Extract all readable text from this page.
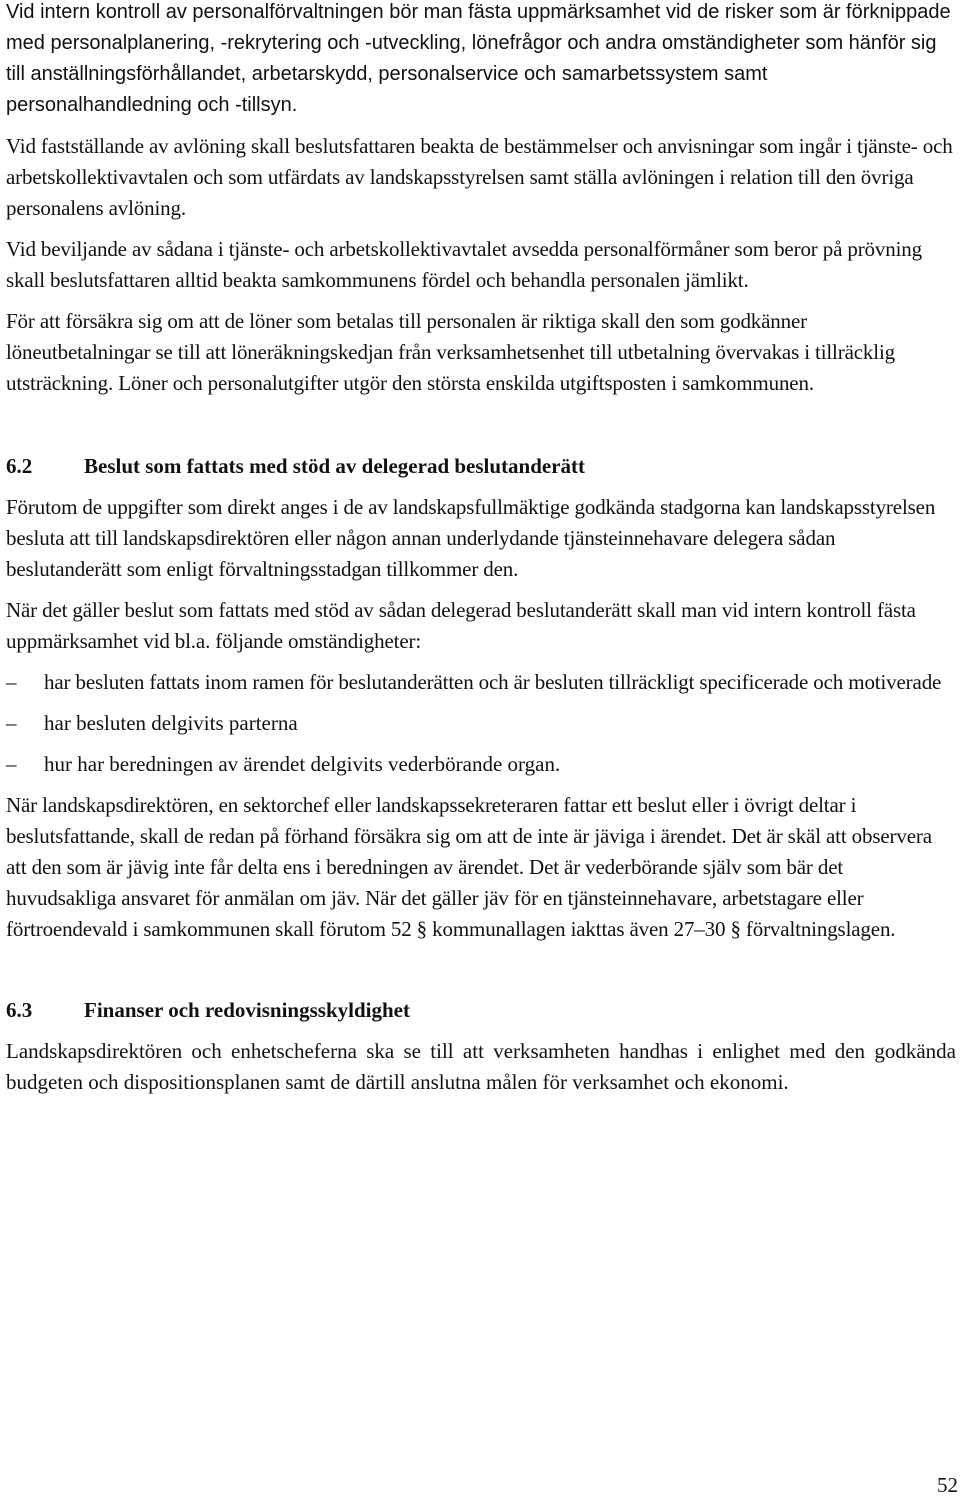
Vid intern kontroll av personalförvaltningen bör man fästa uppmärksamhet vid de risker som är förknippade med personalplanering, -rekrytering och -utveckling, lönefrågor och andra omständigheter som hänför sig till anställningsförhållandet, arbetarskydd, personalservice och samarbetssystem samt personalhandledning och -tillsyn.

Vid fastställande av avlöning skall beslutsfattaren beakta de bestämmelser och anvisningar som ingår i tjänste- och arbetskollektivavtalen och som utfärdats av landskapsstyrelsen samt ställa avlöningen i relation till den övriga personalens avlöning.

Vid beviljande av sådana i tjänste- och arbetskollektivavtalet avsedda personalförmåner som beror på prövning skall beslutsfattaren alltid beakta samkommunens fördel och behandla personalen jämlikt.

För att försäkra sig om att de löner som betalas till personalen är riktiga skall den som godkänner löneutbetalningar se till att löneräkningskedjan från verksamhetsenhet till utbetalning övervakas i tillräcklig utsträckning. Löner och personalutgifter utgör den största enskilda utgiftsposten i samkommunen.

6.2 Beslut som fattats med stöd av delegerad beslutanderätt

Förutom de uppgifter som direkt anges i de av landskapsfullmäktige godkända stadgorna kan landskapsstyrelsen besluta att till landskapsdirektören eller någon annan underlydande tjänsteinnehavare delegera sådan beslutanderätt som enligt förvaltningsstadgan tillkommer den.

När det gäller beslut som fattats med stöd av sådan delegerad beslutanderätt skall man vid intern kontroll fästa uppmärksamhet vid bl.a. följande omständigheter:

–	har besluten fattats inom ramen för beslutanderätten och är besluten tillräckligt specificerade och motiverade
–	har besluten delgivits parterna
–	hur har beredningen av ärendet delgivits vederbörande organ.

När landskapsdirektören, en sektorchef eller landskapssekreteraren fattar ett beslut eller i övrigt deltar i beslutsfattande, skall de redan på förhand försäkra sig om att de inte är jäviga i ärendet. Det är skäl att observera att den som är jävig inte får delta ens i beredningen av ärendet. Det är vederbörande själv som bär det huvudsakliga ansvaret för anmälan om jäv. När det gäller jäv för en tjänsteinnehavare, arbetstagare eller förtroendevald i samkommunen skall förutom 52 § kommunallagen iakttas även 27–30 § förvaltningslagen.

6.3 Finanser och redovisningsskyldighet

Landskapsdirektören och enhetscheferna ska se till att verksamheten handhas i enlighet med den godkända budgeten och dispositionsplanen samt de därtill anslutna målen för verksamhet och ekonomi.

52
